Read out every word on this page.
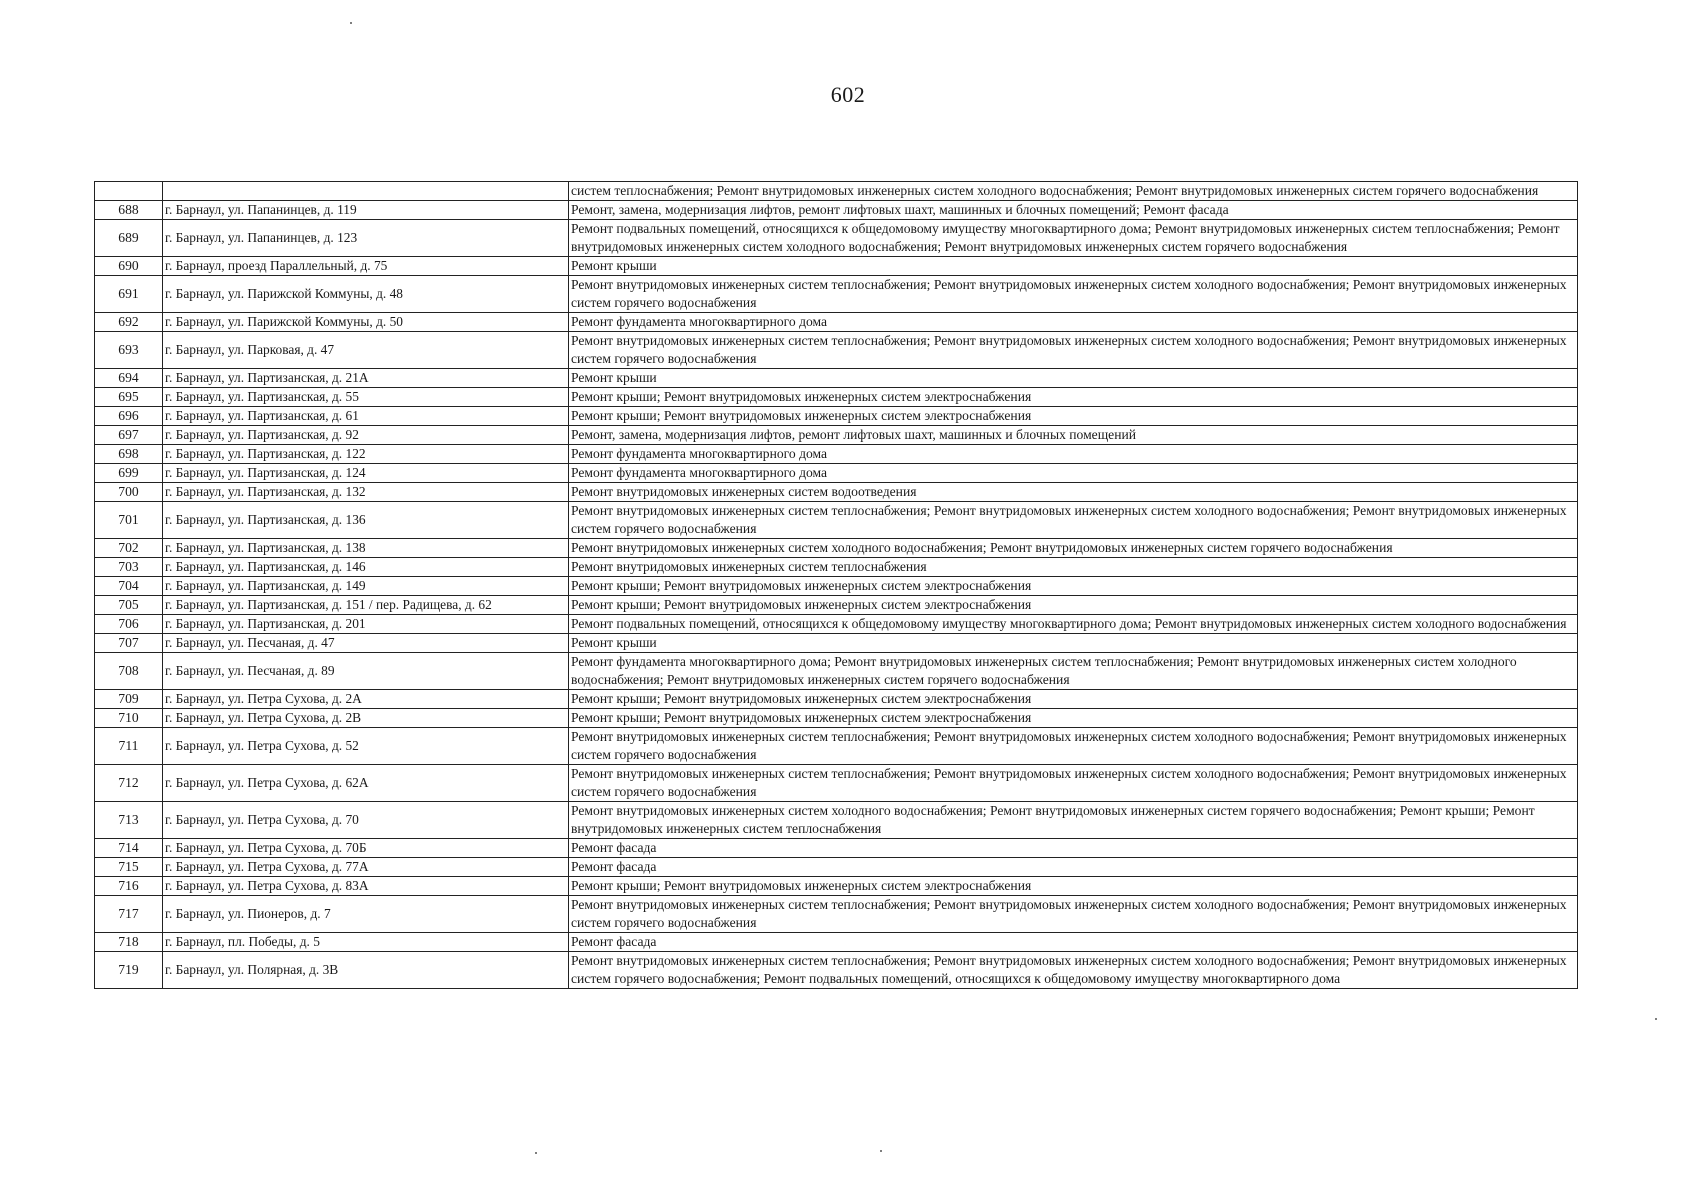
602
		систем теплоснабжения; Ремонт внутридомовых инженерных систем холодного водоснабжения; Ремонт внутридомовых инженерных систем горячего водоснабжения
688	г. Барнаул, ул. Папанинцев, д. 119	Ремонт, замена, модернизация лифтов, ремонт лифтовых шахт, машинных и блочных помещений; Ремонт фасада
689	г. Барнаул, ул. Папанинцев, д. 123	Ремонт подвальных помещений, относящихся к общедомовому имуществу многоквартирного дома; Ремонт внутридомовых инженерных систем теплоснабжения; Ремонт внутридомовых инженерных систем холодного водоснабжения; Ремонт внутридомовых инженерных систем горячего водоснабжения
690	г. Барнаул, проезд Параллельный, д. 75	Ремонт крыши
691	г. Барнаул, ул. Парижской Коммуны, д. 48	Ремонт внутридомовых инженерных систем теплоснабжения; Ремонт внутридомовых инженерных систем холодного водоснабжения; Ремонт внутридомовых инженерных систем горячего водоснабжения
692	г. Барнаул, ул. Парижской Коммуны, д. 50	Ремонт фундамента многоквартирного дома
693	г. Барнаул, ул. Парковая, д. 47	Ремонт внутридомовых инженерных систем теплоснабжения; Ремонт внутридомовых инженерных систем холодного водоснабжения; Ремонт внутридомовых инженерных систем горячего водоснабжения
694	г. Барнаул, ул. Партизанская, д. 21А	Ремонт крыши
695	г. Барнаул, ул. Партизанская, д. 55	Ремонт крыши; Ремонт внутридомовых инженерных систем электроснабжения
696	г. Барнаул, ул. Партизанская, д. 61	Ремонт крыши; Ремонт внутридомовых инженерных систем электроснабжения
697	г. Барнаул, ул. Партизанская, д. 92	Ремонт, замена, модернизация лифтов, ремонт лифтовых шахт, машинных и блочных помещений
698	г. Барнаул, ул. Партизанская, д. 122	Ремонт фундамента многоквартирного дома
699	г. Барнаул, ул. Партизанская, д. 124	Ремонт фундамента многоквартирного дома
700	г. Барнаул, ул. Партизанская, д. 132	Ремонт внутридомовых инженерных систем водоотведения
701	г. Барнаул, ул. Партизанская, д. 136	Ремонт внутридомовых инженерных систем теплоснабжения; Ремонт внутридомовых инженерных систем холодного водоснабжения; Ремонт внутридомовых инженерных систем горячего водоснабжения
702	г. Барнаул, ул. Партизанская, д. 138	Ремонт внутридомовых инженерных систем холодного водоснабжения; Ремонт внутридомовых инженерных систем горячего водоснабжения
703	г. Барнаул, ул. Партизанская, д. 146	Ремонт внутридомовых инженерных систем теплоснабжения
704	г. Барнаул, ул. Партизанская, д. 149	Ремонт крыши; Ремонт внутридомовых инженерных систем электроснабжения
705	г. Барнаул, ул. Партизанская, д. 151 / пер. Радищева, д. 62	Ремонт крыши; Ремонт внутридомовых инженерных систем электроснабжения
706	г. Барнаул, ул. Партизанская, д. 201	Ремонт подвальных помещений, относящихся к общедомовому имуществу многоквартирного дома; Ремонт внутридомовых инженерных систем холодного водоснабжения
707	г. Барнаул, ул. Песчаная, д. 47	Ремонт крыши
708	г. Барнаул, ул. Песчаная, д. 89	Ремонт фундамента многоквартирного дома; Ремонт внутридомовых инженерных систем теплоснабжения; Ремонт внутридомовых инженерных систем холодного водоснабжения; Ремонт внутридомовых инженерных систем горячего водоснабжения
709	г. Барнаул, ул. Петра Сухова, д. 2А	Ремонт крыши; Ремонт внутридомовых инженерных систем электроснабжения
710	г. Барнаул, ул. Петра Сухова, д. 2В	Ремонт крыши; Ремонт внутридомовых инженерных систем электроснабжения
711	г. Барнаул, ул. Петра Сухова, д. 52	Ремонт внутридомовых инженерных систем теплоснабжения; Ремонт внутридомовых инженерных систем холодного водоснабжения; Ремонт внутридомовых инженерных систем горячего водоснабжения
712	г. Барнаул, ул. Петра Сухова, д. 62А	Ремонт внутридомовых инженерных систем теплоснабжения; Ремонт внутридомовых инженерных систем холодного водоснабжения; Ремонт внутридомовых инженерных систем горячего водоснабжения
713	г. Барнаул, ул. Петра Сухова, д. 70	Ремонт внутридомовых инженерных систем холодного водоснабжения; Ремонт внутридомовых инженерных систем горячего водоснабжения; Ремонт крыши; Ремонт внутридомовых инженерных систем теплоснабжения
714	г. Барнаул, ул. Петра Сухова, д. 70Б	Ремонт фасада
715	г. Барнаул, ул. Петра Сухова, д. 77А	Ремонт фасада
716	г. Барнаул, ул. Петра Сухова, д. 83А	Ремонт крыши; Ремонт внутридомовых инженерных систем электроснабжения
717	г. Барнаул, ул. Пионеров, д. 7	Ремонт внутридомовых инженерных систем теплоснабжения; Ремонт внутридомовых инженерных систем холодного водоснабжения; Ремонт внутридомовых инженерных систем горячего водоснабжения
718	г. Барнаул, пл. Победы, д. 5	Ремонт фасада
719	г. Барнаул, ул. Полярная, д. 3В	Ремонт внутридомовых инженерных систем теплоснабжения; Ремонт внутридомовых инженерных систем холодного водоснабжения; Ремонт внутридомовых инженерных систем горячего водоснабжения; Ремонт подвальных помещений, относящихся к общедомовому имуществу многоквартирного дома
